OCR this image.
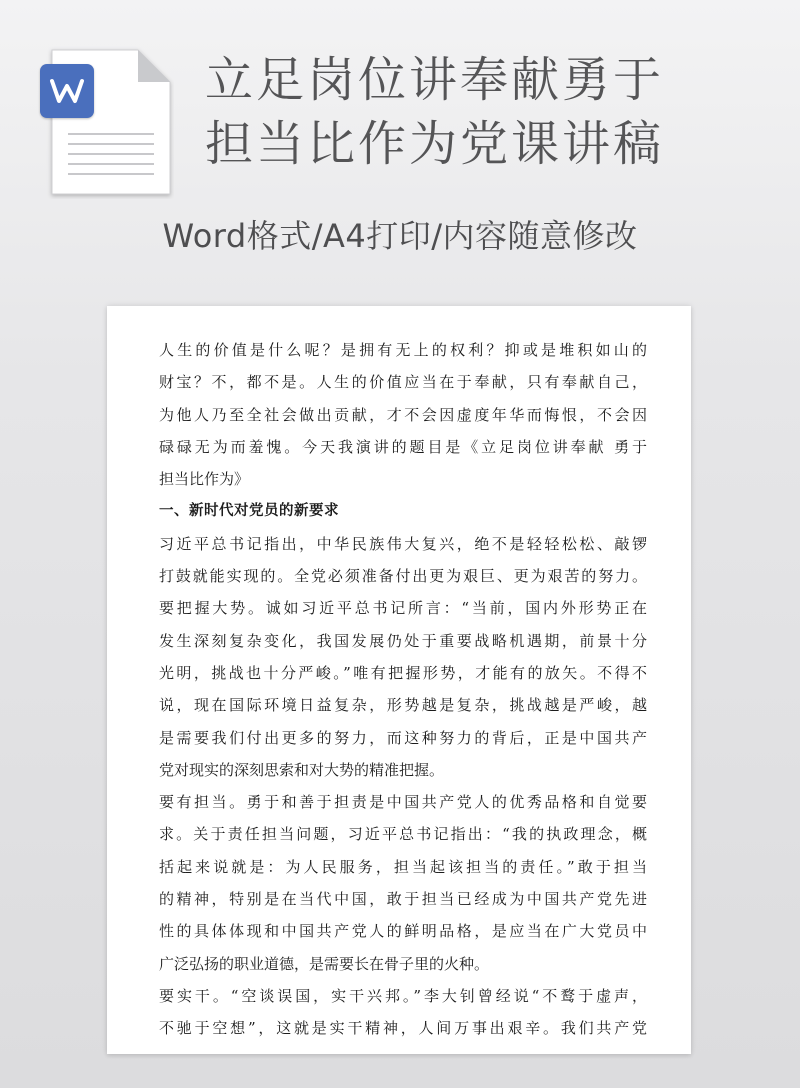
立足岗位讲奉献勇于
担当比作为党课讲稿
Word格式/A4打印/内容随意修改
人生的价值是什么呢？是拥有无上的权利？抑或是堆积如山的
财宝？不，都不是。人生的价值应当在于奉献，只有奉献自己，
为他人乃至全社会做出贡献，才不会因虚度年华而悔恨，不会因
碌碌无为而羞愧。今天我演讲的题目是《立足岗位讲奉献 勇于
担当比作为》
一、新时代对党员的新要求
习近平总书记指出，中华民族伟大复兴，绝不是轻轻松松、敲锣
打鼓就能实现的。全党必须准备付出更为艰巨、更为艰苦的努力。
要把握大势。诚如习近平总书记所言：“当前，国内外形势正在
发生深刻复杂变化，我国发展仍处于重要战略机遇期，前景十分
光明，挑战也十分严峻。”唯有把握形势，才能有的放矢。不得不
说，现在国际环境日益复杂，形势越是复杂，挑战越是严峻，越
是需要我们付出更多的努力，而这种努力的背后，正是中国共产
党对现实的深刻思索和对大势的精准把握。
要有担当。勇于和善于担责是中国共产党人的优秀品格和自觉要
求。关于责任担当问题，习近平总书记指出：“我的执政理念，概
括起来说就是：为人民服务，担当起该担当的责任。”敢于担当
的精神，特别是在当代中国，敢于担当已经成为中国共产党先进
性的具体体现和中国共产党人的鲜明品格，是应当在广大党员中
广泛弘扬的职业道德，是需要长在骨子里的火种。
要实干。“空谈误国，实干兴邦。”李大钊曾经说“不鹜于虚声，
不驰于空想”，这就是实干精神，人间万事出艰辛。我们共产党
